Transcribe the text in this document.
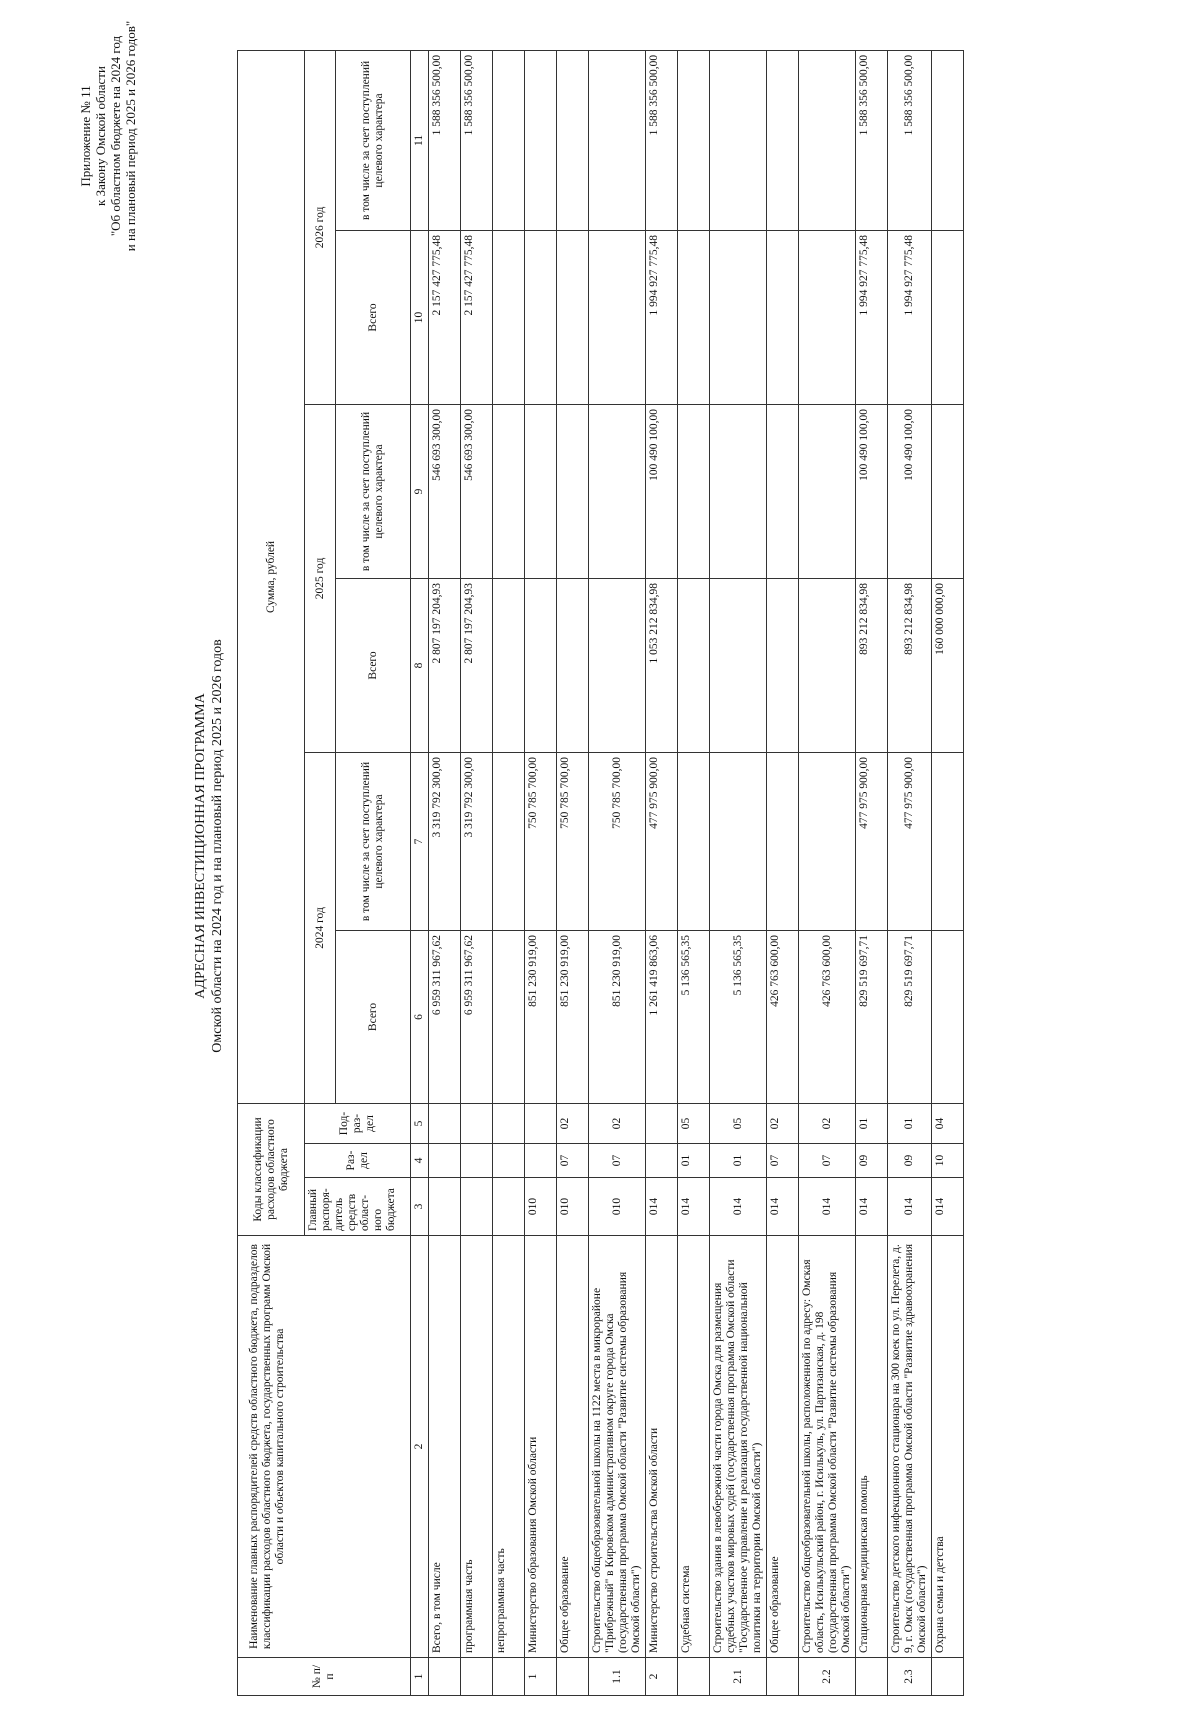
Приложение № 11 к Закону Омской области "Об областном бюджете на 2024 год и на плановый период 2025 и 2026 годов"
АДРЕСНАЯ ИНВЕСТИЦИОННАЯ ПРОГРАММА Омской области на 2024 год и на плановый период 2025 и 2026 годов
№ п/п	Наименование главных распорядителей средств областного бюджета, подразделов классификации расходов областного бюджета, государственных программ Омской области и объектов капитального строительства	Коды классификации расходов областного бюджета			Сумма, рублей					
		Главный распоря-дитель средств област-ного бюджета	Раз-дел	Под-раз-дел	2024 год		2025 год		2026 год	
					Всего	в том числе за счет поступлений целевого характера	Всего	в том числе за счет поступлений целевого характера	Всего	в том числе за счет поступлений целевого характера
1	2	3	4	5	6	7	8	9	10	11
	Всего, в том числе				6 959 311 967,62	3 319 792 300,00	2 807 197 204,93	546 693 300,00	2 157 427 775,48	1 588 356 500,00
	программная часть				6 959 311 967,62	3 319 792 300,00	2 807 197 204,93	546 693 300,00	2 157 427 775,48	1 588 356 500,00
	непрограммная часть									
1	Министерство образования Омской области	010			851 230 919,00	750 785 700,00				
	Общее образование	010	07	02	851 230 919,00	750 785 700,00				
1.1	Строительство общеобразовательной школы на 1122 места в микрорайоне "Прибрежный" в Кировском административном округе города Омска (государственная программа Омской области "Развитие системы образования Омской области")	010	07	02	851 230 919,00	750 785 700,00				
2	Министерство строительства Омской области	014			1 261 419 863,06	477 975 900,00	1 053 212 834,98	100 490 100,00	1 994 927 775,48	1 588 356 500,00
	Судебная система	014	01	05	5 136 565,35					
2.1	Строительство здания в левобережной части города Омска для размещения судебных участков мировых судей (государственная программа Омской области "Государственное управление и реализация государственной национальной политики на территории Омской области")	014	01	05	5 136 565,35					
	Общее образование	014	07	02	426 763 600,00					
2.2	Строительство общеобразовательной школы, расположенной по адресу: Омская область, Исилькульский район, г. Исилькуль, ул. Партизанская, д. 198 (государственная программа Омской области "Развитие системы образования Омской области")	014	07	02	426 763 600,00					
	Стационарная медицинская помощь	014	09	01	829 519 697,71	477 975 900,00	893 212 834,98	100 490 100,00	1 994 927 775,48	1 588 356 500,00
2.3	Строительство детского инфекционного стационара на 300 коек по ул. Перелета, д. 9, г. Омск (государственная программа Омской области "Развитие здравоохранения Омской области")	014	09	01	829 519 697,71	477 975 900,00	893 212 834,98	100 490 100,00	1 994 927 775,48	1 588 356 500,00
	Охрана семьи и детства	014	10	04			160 000 000,00			
